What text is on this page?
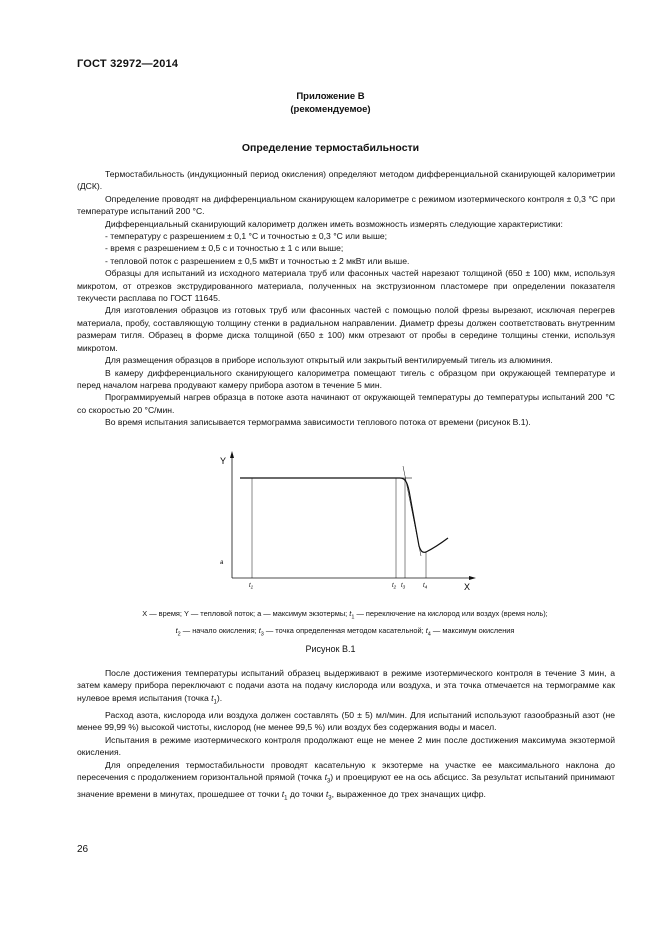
ГОСТ 32972—2014
Приложение В
(рекомендуемое)
Определение термостабильности

Термостабильность (индукционный период окисления) определяют методом дифференциальной сканирующей калориметрии (ДСК).

Определение проводят на дифференциальном сканирующем калориметре с режимом изотермического контроля ± 0,3 °С при температуре испытаний 200 °С.

Дифференциальный сканирующий калориметр должен иметь возможность измерять следующие характеристики:

- температуру с разрешением ± 0,1 °С и точностью ± 0,3 °С или выше;

- время с разрешением ± 0,5 с и точностью ± 1 с или выше;

- тепловой поток с разрешением ± 0,5 мкВт и точностью ± 2 мкВт или выше.

Образцы для испытаний из исходного материала труб или фасонных частей нарезают толщиной (650 ± 100) мкм, используя микротом, от отрезков экструдированного материала, полученных на экструзионном пластомере при определении показателя текучести расплава по ГОСТ 11645.

Для изготовления образцов из готовых труб или фасонных частей с помощью полой фрезы вырезают, исключая перегрев материала, пробу, составляющую толщину стенки в радиальном направлении. Диаметр фрезы должен соответствовать внутренним размерам тигля. Образец в форме диска толщиной (650 ± 100) мкм отрезают от пробы в середине толщины стенки, используя микротом.

Для размещения образцов в приборе используют открытый или закрытый вентилируемый тигель из алюминия.

В камеру дифференциального сканирующего калориметра помещают тигель с образцом при окружающей температуре и перед началом нагрева продувают камеру прибора азотом в течение 5 мин.

Программируемый нагрев образца в потоке азота начинают от окружающей температуры до температуры испытаний 200 °С со скоростью 20 °С/мин.

Во время испытания записывается термограмма зависимости теплового потока от времени (рисунок В.1).

Y
X
a
$t_1$	$t_2$ $t_3$	$t_4$
X — время; Y — тепловой поток; a — максимум экзотермы; $t_1$ — переключение на кислород или воздух (время ноль);
$t_2$ — начало окисления; $t_3$ — точка определенная методом касательной; $t_4$ — максимум окисления
Рисунок В.1

После достижения температуры испытаний образец выдерживают в режиме изотермического контроля в течение 3 мин, а затем камеру прибора переключают с подачи азота на подачу кислорода или воздуха, и эта точка отмечается на термограмме как нулевое время испытания (точка $t_1$).

Расход азота, кислорода или воздуха должен составлять (50 ± 5) мл/мин. Для испытаний используют газообразный азот (не менее 99,99 %) высокой чистоты, кислород (не менее 99,5 %) или воздух без содержания воды и масел.

Испытания в режиме изотермического контроля продолжают еще не менее 2 мин после достижения максимума экзотермой окисления.

Для определения термостабильности проводят касательную к экзотерме на участке ее максимального наклона до пересечения с продолжением горизонтальной прямой (точка $t_3$) и проецируют ее на ось абсцисс. За результат испытаний принимают значение времени в минутах, прошедшее от точки $t_1$ до точки $t_3$, выраженное до трех значащих цифр.

26
